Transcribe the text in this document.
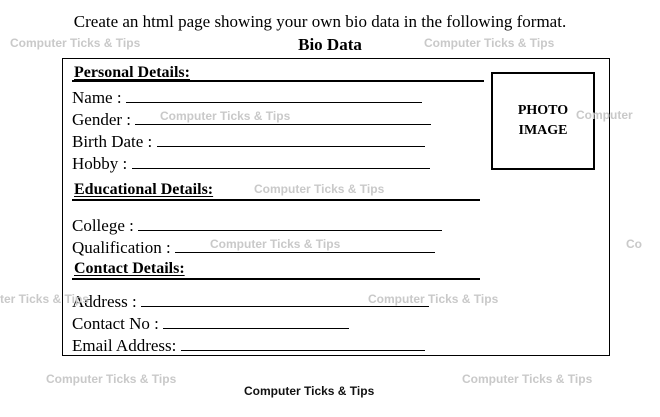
Create an html page showing your own bio data in the following format.
Bio Data
Personal Details:
Name :
Gender :
Birth Date :
Hobby :
Educational Details:
College :
Qualification :
Contact Details:
Address :
Contact No :
Email Address:
PHOTO
IMAGE
Computer Ticks & Tips	Computer Ticks & Tips
Computer Ticks & Tips	Computer
Computer Ticks & Tips
Computer Ticks & Tips	Co
ter Ticks & Tips	Computer Ticks & Tips
Computer Ticks & Tips	Computer Ticks & Tips
Computer Ticks & Tips
